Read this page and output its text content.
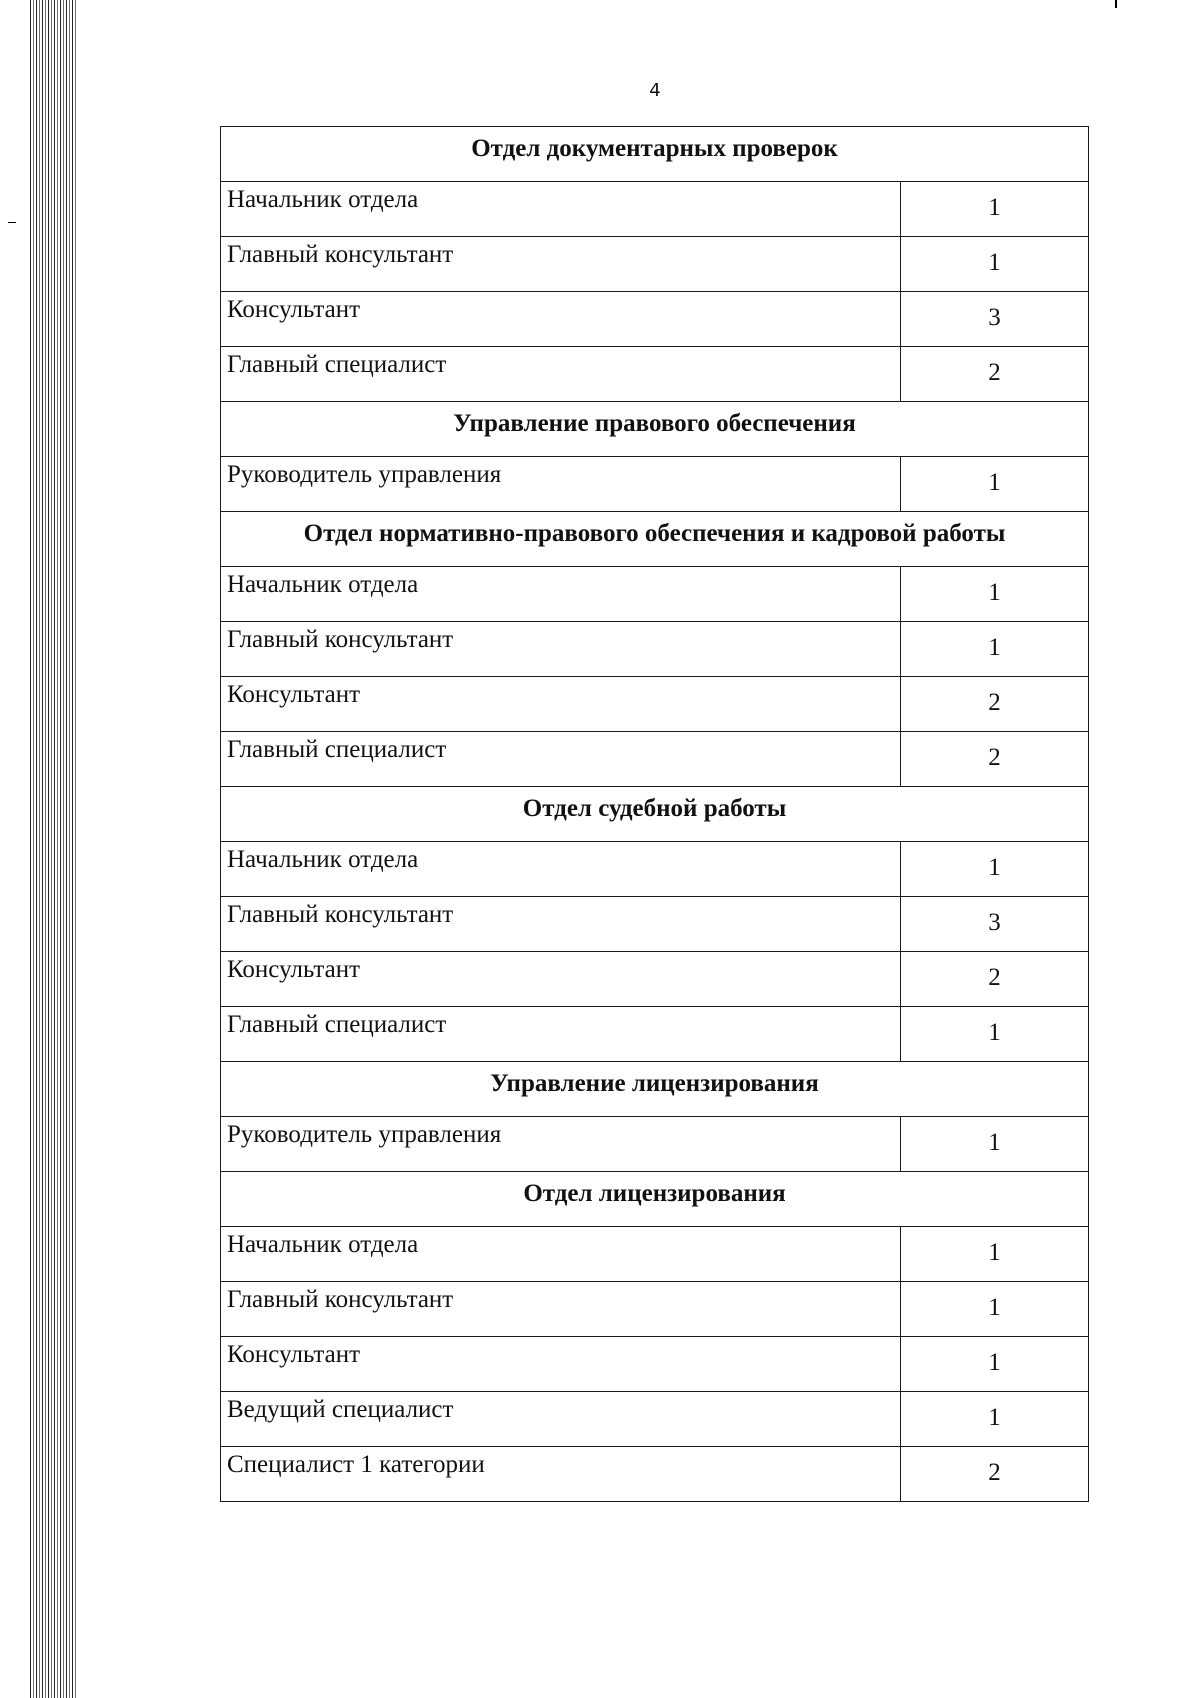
4
Отдел документарных проверок	
Начальник отдела	1
Главный консультант	1
Консультант	3
Главный специалист	2
Управление правового обеспечения	
Руководитель управления	1
Отдел нормативно-правового обеспечения и кадровой работы	
Начальник отдела	1
Главный консультант	1
Консультант	2
Главный специалист	2
Отдел судебной работы	
Начальник отдела	1
Главный консультант	3
Консультант	2
Главный специалист	1
Управление лицензирования	
Руководитель управления	1
Отдел лицензирования	
Начальник отдела	1
Главный консультант	1
Консультант	1
Ведущий специалист	1
Специалист 1 категории	2
